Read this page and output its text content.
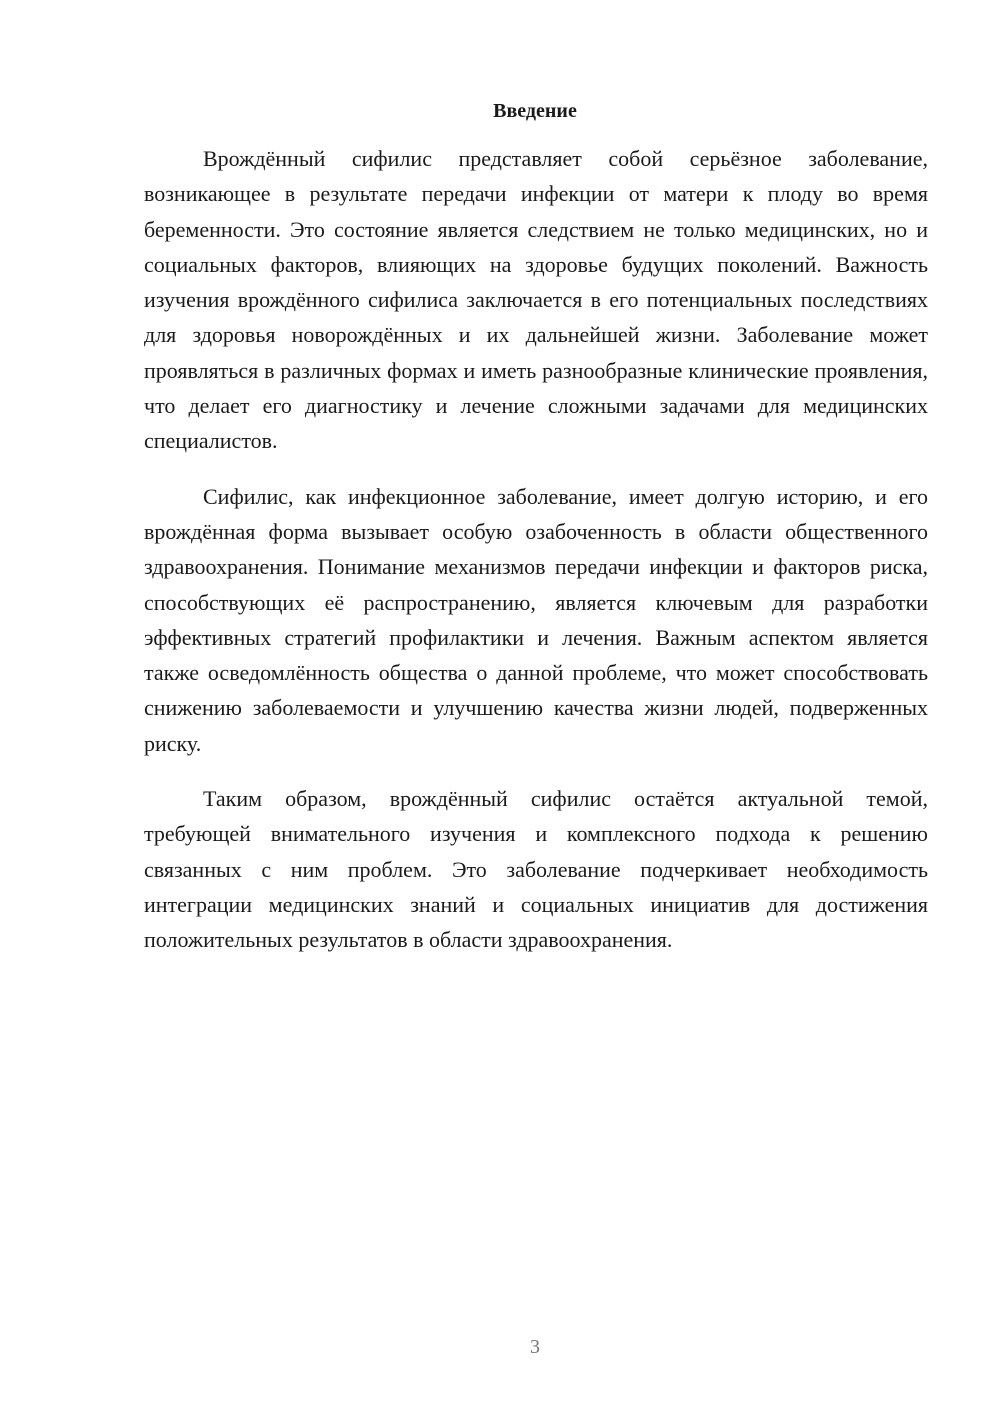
Введение

Врождённый сифилис представляет собой серьёзное заболевание, возникающее в результате передачи инфекции от матери к плоду во время беременности. Это состояние является следствием не только медицинских, но и социальных факторов, влияющих на здоровье будущих поколений. Важность изучения врождённого сифилиса заключается в его потенциальных последствиях для здоровья новорождённых и их дальнейшей жизни. Заболевание может проявляться в различных формах и иметь разнообразные клинические проявления, что делает его диагностику и лечение сложными задачами для медицинских специалистов.

Сифилис, как инфекционное заболевание, имеет долгую историю, и его врождённая форма вызывает особую озабоченность в области общественного здравоохранения. Понимание механизмов передачи инфекции и факторов риска, способствующих её распространению, является ключевым для разработки эффективных стратегий профилактики и лечения. Важным аспектом является также осведомлённость общества о данной проблеме, что может способствовать снижению заболеваемости и улучшению качества жизни людей, подверженных риску.

Таким образом, врождённый сифилис остаётся актуальной темой, требующей внимательного изучения и комплексного подхода к решению связанных с ним проблем. Это заболевание подчеркивает необходимость интеграции медицинских знаний и социальных инициатив для достижения положительных результатов в области здравоохранения.

3
